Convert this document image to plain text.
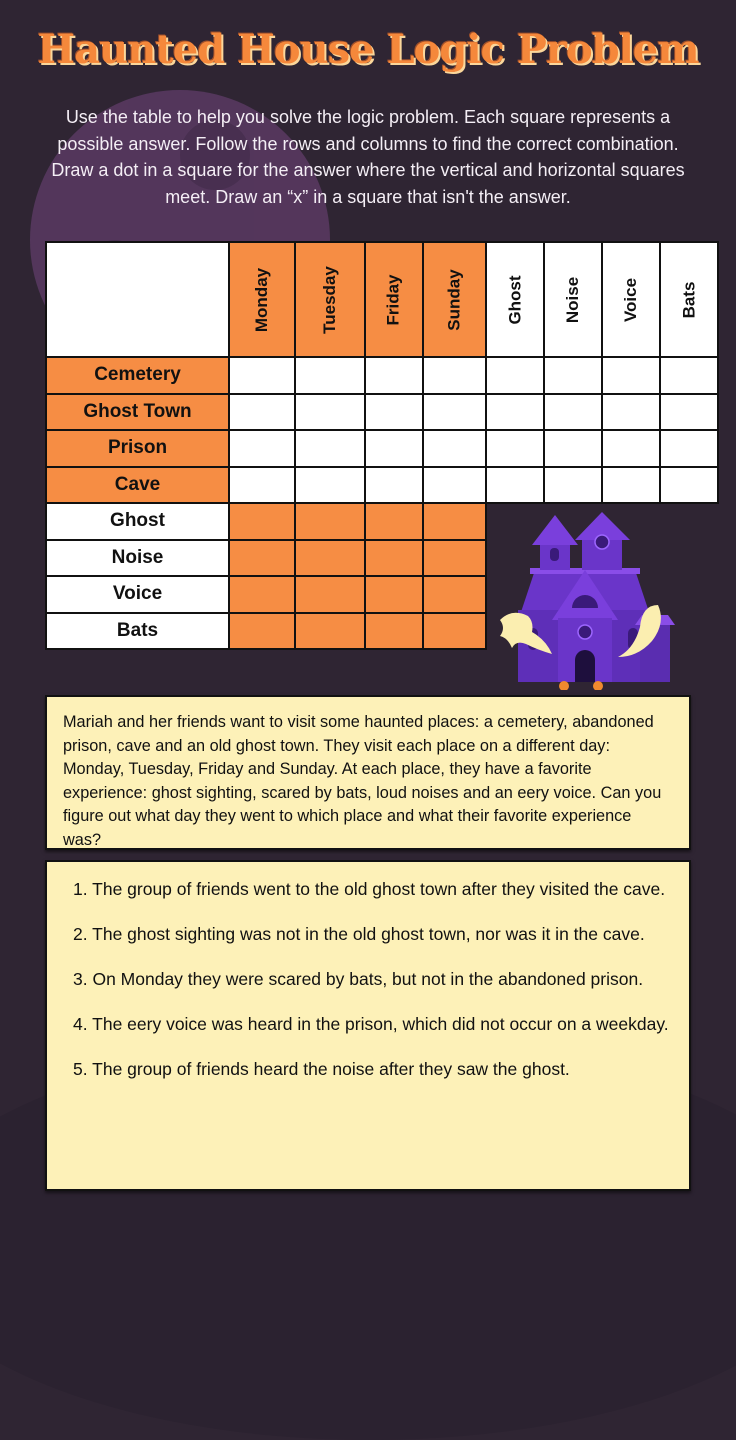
Haunted House Logic Problem
Use the table to help you solve the logic problem. Each square represents a possible answer. Follow the rows and columns to find the correct combination. Draw a dot in a square for the answer where the vertical and horizontal squares meet. Draw an “x” in a square that isn't the answer.
	Monday	Tuesday	Friday	Sunday	Ghost	Noise	Voice	Bats
Cemetery								
Ghost Town								
Prison								
Cave								
Ghost								
Noise								
Voice								
Bats								
Mariah and her friends want to visit some haunted places: a cemetery, abandoned prison, cave and an old ghost town. They visit each place on a different day: Monday, Tuesday, Friday and Sunday. At each place, they have a favorite experience: ghost sighting, scared by bats, loud noises and an eery voice. Can you figure out what day they went to which place and what their favorite experience was?
1. The group of friends went to the old ghost town after they visited the cave.
2. The ghost sighting was not in the old ghost town, nor was it in the cave.
3. On Monday they were scared by bats, but not in the abandoned prison.
4. The eery voice was heard in the prison, which did not occur on a weekday.
5. The group of friends heard the noise after they saw the ghost.
